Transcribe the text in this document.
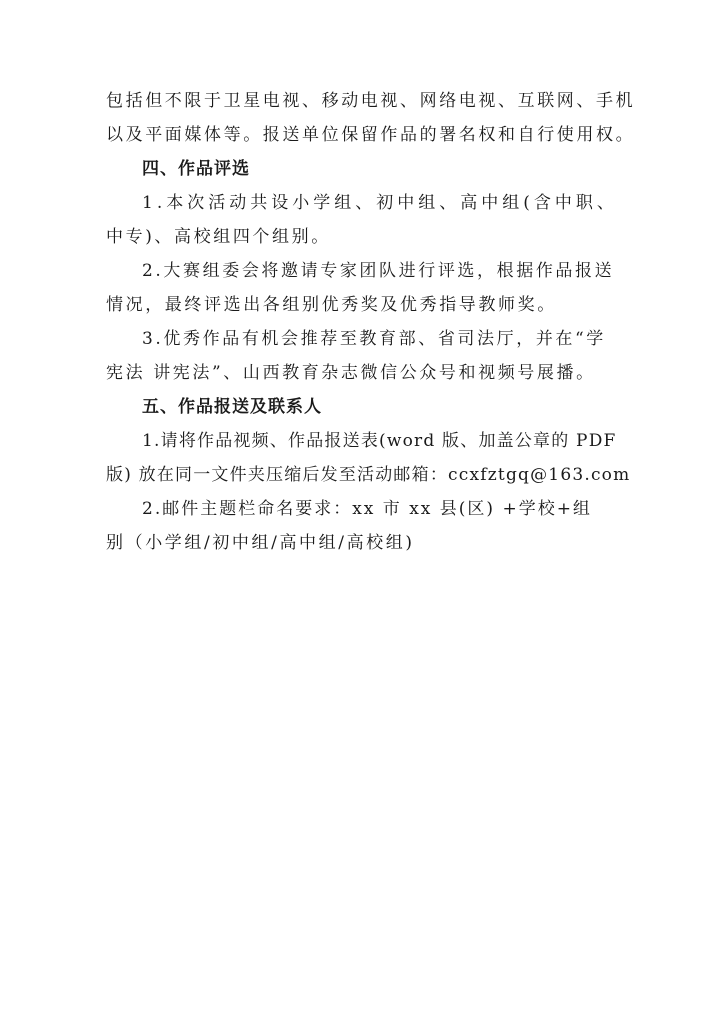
包括但不限于卫星电视、移动电视、网络电视、互联网、手机
以及平面媒体等。报送单位保留作品的署名权和自行使用权。
四、作品评选
1.本次活动共设小学组、初中组、高中组(含中职、
中专)、高校组四个组别。
2.大赛组委会将邀请专家团队进行评选，根据作品报送
情况，最终评选出各组别优秀奖及优秀指导教师奖。
3.优秀作品有机会推荐至教育部、省司法厅，并在“学
宪法 讲宪法”、山西教育杂志微信公众号和视频号展播。
五、作品报送及联系人
1.请将作品视频、作品报送表(word 版、加盖公章的 PDF
版) 放在同一文件夹压缩后发至活动邮箱：ccxfztgq@163.com
2.邮件主题栏命名要求：xx 市 xx 县(区) +学校+组
别（小学组/初中组/高中组/高校组)
